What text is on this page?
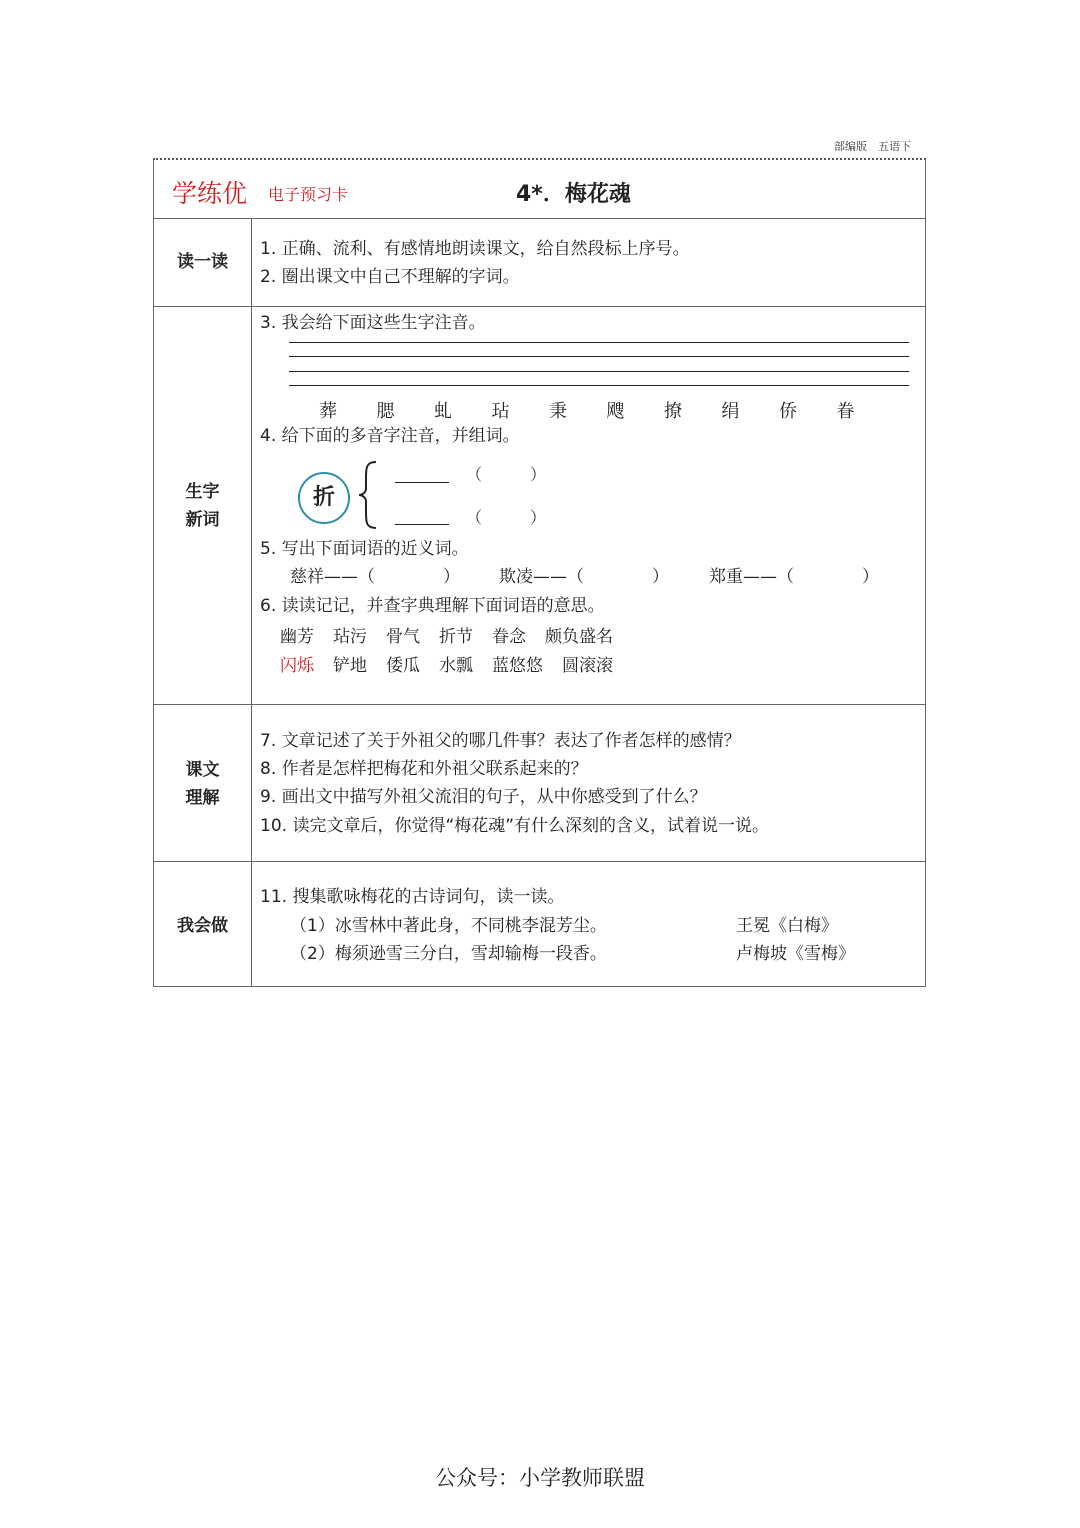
部编版　五语下
学练优 电子预习卡	4*．梅花魂
读一读
1. 正确、流利、有感情地朗读课文，给自然段标上序号。
2. 圈出课文中自己不理解的字词。
生字
新词
3. 我会给下面这些生字注音。
葬 腮 虬 玷 秉 飕 撩 绢 侨 眷
4. 给下面的多音字注音，并组词。
折
（　　　）
（　　　）
5. 写出下面词语的近义词。
慈祥——（　　　　） 欺凌——（　　　　） 郑重——（　　　　）
6. 读读记记，并查字典理解下面词语的意思。
幽芳 玷污 骨气 折节 眷念 颇负盛名
闪烁 铲地 倭瓜 水瓢 蓝悠悠 圆滚滚
课文
理解
7. 文章记述了关于外祖父的哪几件事？表达了作者怎样的感情？
8. 作者是怎样把梅花和外祖父联系起来的？
9. 画出文中描写外祖父流泪的句子，从中你感受到了什么？
10. 读完文章后，你觉得“梅花魂”有什么深刻的含义，试着说一说。
我会做
11. 搜集歌咏梅花的古诗词句，读一读。
（1）冰雪林中著此身，不同桃李混芳尘。	王冕《白梅》
（2）梅须逊雪三分白，雪却输梅一段香。	卢梅坡《雪梅》
公众号：小学教师联盟
